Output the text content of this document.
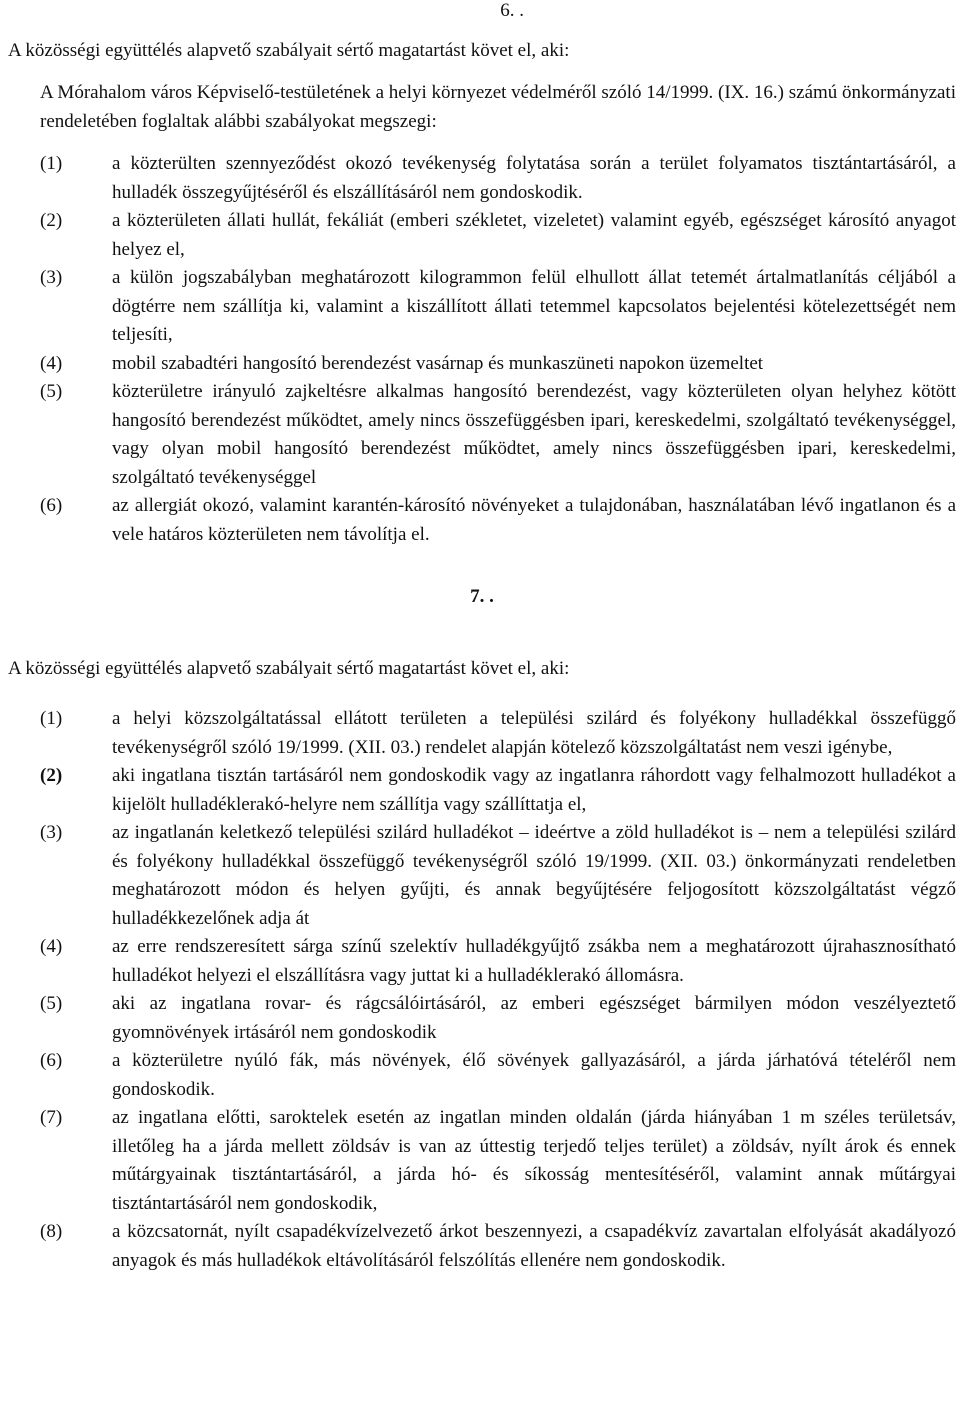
6. .

A közösségi együttélés alapvető szabályait sértő magatartást követ el, aki:

A Mórahalom város Képviselő-testületének a helyi környezet védelméről szóló 14/1999. (IX. 16.) számú önkormányzati rendeletében foglaltak alábbi szabályokat megszegi:

(1)	a közterülten szennyeződést okozó tevékenység folytatása során a terület folyamatos tisztántartásáról, a hulladék összegyűjtéséről és elszállításáról nem gondoskodik.
(2)	a közterületen állati hullát, fekáliát (emberi székletet, vizeletet) valamint egyéb, egészséget károsító anyagot helyez el,
(3)	a külön jogszabályban meghatározott kilogrammon felül elhullott állat tetemét ártalmatlanítás céljából a dögtérre nem szállítja ki, valamint a kiszállított állati tetemmel kapcsolatos bejelentési kötelezettségét nem teljesíti,
(4)	mobil szabadtéri hangosító berendezést vasárnap és munkaszüneti napokon üzemeltet
(5)	közterületre irányuló zajkeltésre alkalmas hangosító berendezést, vagy közterületen olyan helyhez kötött hangosító berendezést működtet, amely nincs összefüggésben ipari, kereskedelmi, szolgáltató tevékenységgel, vagy olyan mobil hangosító berendezést működtet, amely nincs összefüggésben ipari, kereskedelmi, szolgáltató tevékenységgel
(6)	az allergiát okozó, valamint karantén-károsító növényeket a tulajdonában, használatában lévő ingatlanon és a vele határos közterületen nem távolítja el.

7. .

A közösségi együttélés alapvető szabályait sértő magatartást követ el, aki:

(1)	a helyi közszolgáltatással ellátott területen a települési szilárd és folyékony hulladékkal összefüggő tevékenységről szóló 19/1999. (XII. 03.) rendelet alapján kötelező közszolgáltatást nem veszi igénybe,
(2)	aki ingatlana tisztán tartásáról nem gondoskodik vagy az ingatlanra ráhordott vagy felhalmozott hulladékot a kijelölt hulladéklerakó-helyre nem szállítja vagy szállíttatja el,
(3)	az ingatlanán keletkező települési szilárd hulladékot – ideértve a zöld hulladékot is – nem a települési szilárd és folyékony hulladékkal összefüggő tevékenységről szóló 19/1999. (XII. 03.) önkormányzati rendeletben meghatározott módon és helyen gyűjti, és annak begyűjtésére feljogosított közszolgáltatást végző hulladékkezelőnek adja át
(4)	az erre rendszeresített sárga színű szelektív hulladékgyűjtő zsákba nem a meghatározott újrahasznosítható hulladékot helyezi el elszállításra vagy juttat ki a hulladéklerakó állomásra.
(5)	aki az ingatlana rovar- és rágcsálóirtásáról, az emberi egészséget bármilyen módon veszélyeztető gyomnövények irtásáról nem gondoskodik
(6)	a közterületre nyúló fák, más növények, élő sövények gallyazásáról, a járda járhatóvá tételéről nem gondoskodik.
(7)	az ingatlana előtti, saroktelek esetén az ingatlan minden oldalán (járda hiányában 1 m széles területsáv, illetőleg ha a járda mellett zöldsáv is van az úttestig terjedő teljes terület) a zöldsáv, nyílt árok és ennek műtárgyainak tisztántartásáról, a járda hó- és síkosság mentesítéséről, valamint annak műtárgyai tisztántartásáról nem gondoskodik,
(8)	a közcsatornát, nyílt csapadékvízelvezető árkot beszennyezi, a csapadékvíz zavartalan elfolyását akadályozó anyagok és más hulladékok eltávolításáról felszólítás ellenére nem gondoskodik.
